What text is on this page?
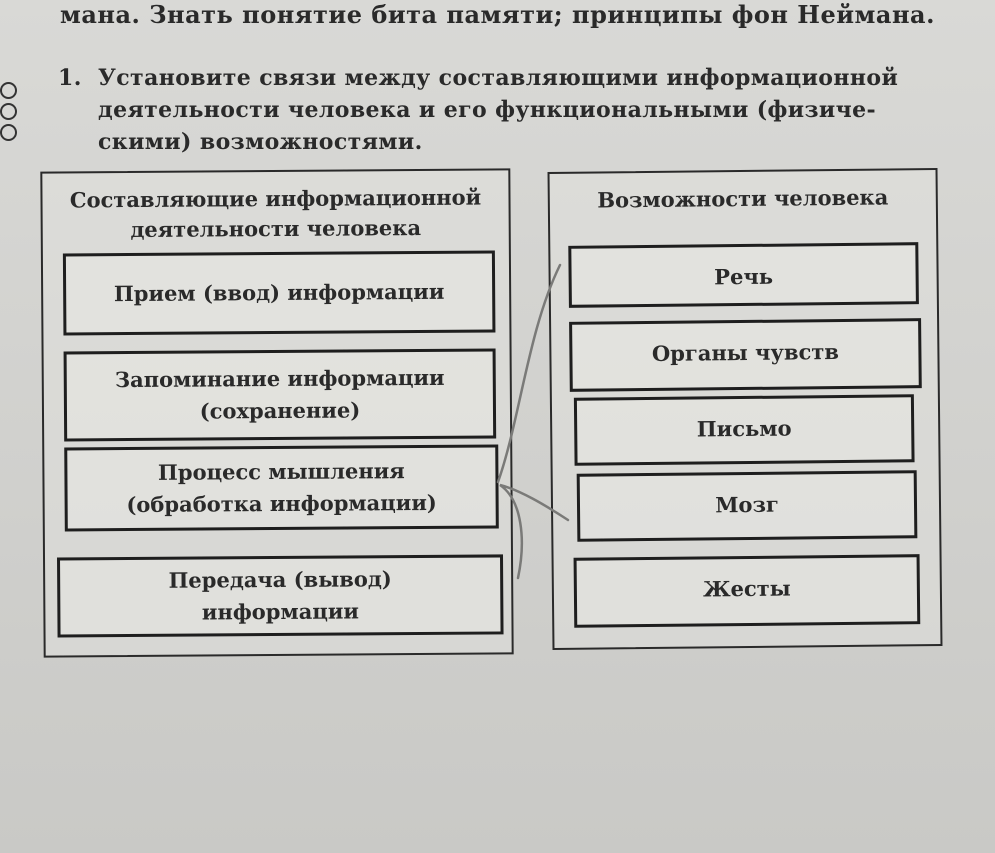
мана. Знать понятие бита памяти; принципы фон Неймана.
1. Установите связи между составляющими информационной
деятельности человека и его функциональными (физиче-
скими) возможностями.
Составляющие информационной
деятельности человека
Прием (ввод) информации
Запоминание информации
(сохранение)
Процесс мышления
(обработка информации)
Передача (вывод)
информации
Возможности человека
Речь
Органы чувств
Письмо
Мозг
Жесты
